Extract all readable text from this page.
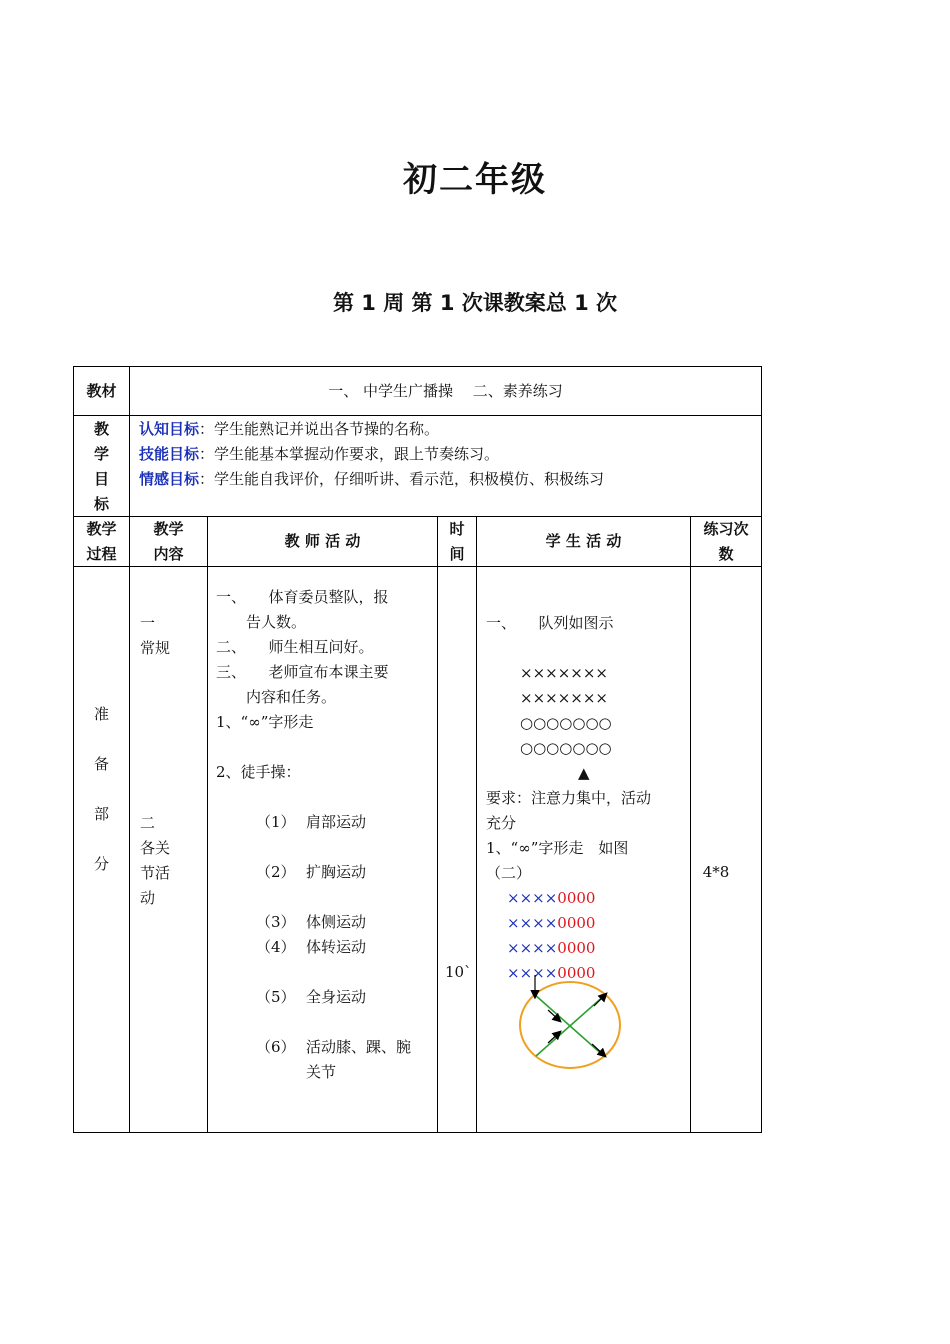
初二年级
第 1 周 第 1 次课教案总 1 次
教材	一、 中学生广播操　 二、素养练习
教
学
目
标
认知目标：学生能熟记并说出各节操的名称。
技能目标：学生能基本掌握动作要求，跟上节奏练习。
情感目标：学生能自我评价，仔细听讲、看示范，积极模仿、积极练习
教学
过程
教学
内容
教 师 活 动
时
间
学 生 活 动
练习次
数
准
备
部
分
一
常规
二
各关
节活
动
一、　　体育委员整队，报
　　告人数。
二、　　师生相互问好。
三、　　老师宣布本课主要
　　内容和任务。
1、“∞”字形走
2、徒手操：
（1） 肩部运动
（2） 扩胸运动
（3） 体侧运动
（4） 体转运动
（5） 全身运动
（6） 活动膝、踝、腕
关节
10`
一、　　队列如图示
×××××××
×××××××
○○○○○○○
○○○○○○○
▲
要求：注意力集中，活动
充分
1、“∞”字形走　如图
（二）
××××0000
××××0000
××××0000
××××0000
4*8
